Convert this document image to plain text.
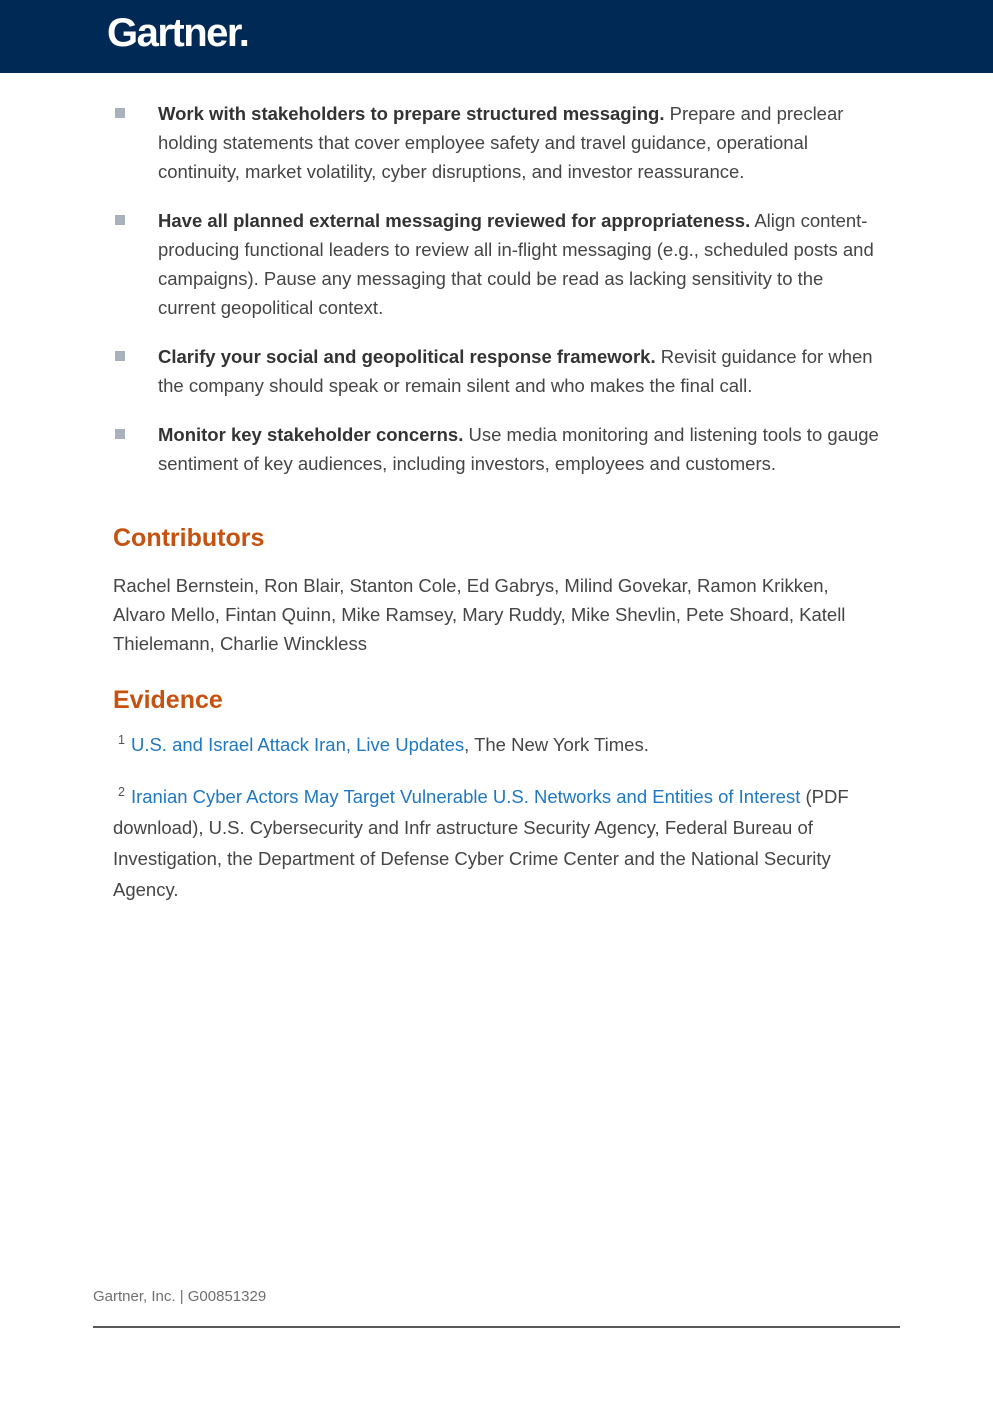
Gartner.

Work with stakeholders to prepare structured messaging. Prepare and preclear holding statements that cover employee safety and travel guidance, operational continuity, market volatility, cyber disruptions, and investor reassurance.

Have all planned external messaging reviewed for appropriateness. Align content-producing functional leaders to review all in-flight messaging (e.g., scheduled posts and campaigns). Pause any messaging that could be read as lacking sensitivity to the current geopolitical context.

Clarify your social and geopolitical response framework. Revisit guidance for when the company should speak or remain silent and who makes the final call.

Monitor key stakeholder concerns. Use media monitoring and listening tools to gauge sentiment of key audiences, including investors, employees and customers.

Contributors

Rachel Bernstein, Ron Blair, Stanton Cole, Ed Gabrys, Milind Govekar, Ramon Krikken, Alvaro Mello, Fintan Quinn, Mike Ramsey, Mary Ruddy, Mike Shevlin, Pete Shoard, Katell Thielemann, Charlie Winckless

Evidence

$^1$ U.S. and Israel Attack Iran, Live Updates, The New York Times.

$^2$ Iranian Cyber Actors May Target Vulnerable U.S. Networks and Entities of Interest (PDF download), U.S. Cybersecurity and Infr astructure Security Agency, Federal Bureau of Investigation, the Department of Defense Cyber Crime Center and the National Security Agency.

Gartner, Inc. | G00851329
